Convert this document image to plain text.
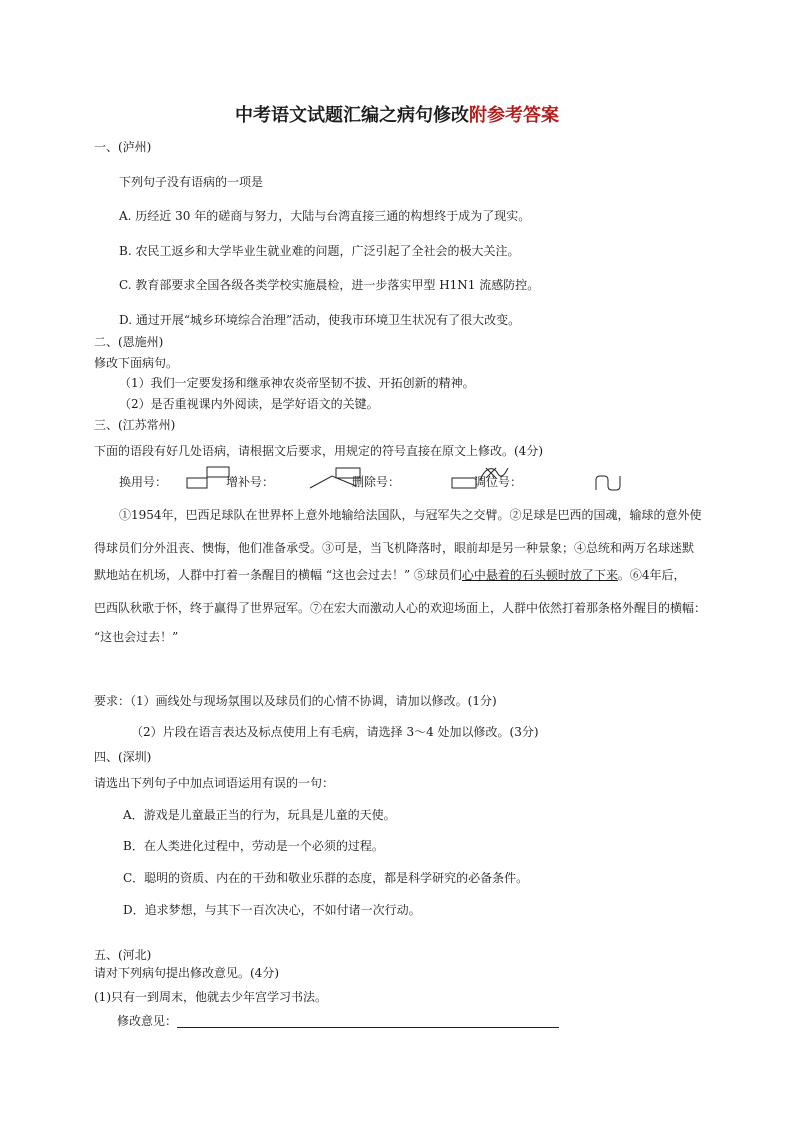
中考语文试题汇编之病句修改附参考答案
一、(泸州)
下列句子没有语病的一项是
A. 历经近 30 年的磋商与努力，大陆与台湾直接三通的构想终于成为了现实。
B. 农民工返乡和大学毕业生就业难的问题，广泛引起了全社会的极大关注。
C. 教育部要求全国各级各类学校实施晨检，进一步落实甲型 H1N1 流感防控。
D. 通过开展“城乡环境综合治理”活动，使我市环境卫生状况有了很大改变。
二、(恩施州)
修改下面病句。
（1）我们一定要发扬和继承神农炎帝坚韧不拔、开拓创新的精神。
（2）是否重视课内外阅读，是学好语文的关键。
三、(江苏常州)
下面的语段有好几处语病，请根据文后要求，用规定的符号直接在原文上修改。(4分)
换用号：	增补号：	删除号：	调位号：
①1954年，巴西足球队在世界杯上意外地输给法国队，与冠军失之交臂。②足球是巴西的国魂，输球的意外使
得球员们分外沮丧、懊悔，他们准备承受。③可是，当飞机降落时，眼前却是另一种景象；④总统和两万名球迷默
默地站在机场，人群中打着一条醒目的横幅 “这也会过去！” ⑤球员们心中悬着的石头顿时放了下来。⑥4年后，
巴西队秋歌于怀，终于赢得了世界冠军。⑦在宏大而激动人心的欢迎场面上，人群中依然打着那条格外醒目的横幅：
“这也会过去！”
要求：（1）画线处与现场氛围以及球员们的心情不协调，请加以修改。(1分)
（2）片段在语言表达及标点使用上有毛病，请选择 3～4 处加以修改。(3分)
四、(深圳)
请选出下列句子中加点词语运用有误的一句：
A．游戏是儿童最正当的行为，玩具是儿童的天使。
B．在人类进化过程中，劳动是一个必须的过程。
C．聪明的资质、内在的干劲和敬业乐群的态度，都是科学研究的必备条件。
D．追求梦想，与其下一百次决心，不如付诸一次行动。
五、(河北)
请对下列病句提出修改意见。(4分)
(1)只有一到周末，他就去少年宫学习书法。
修改意见：
